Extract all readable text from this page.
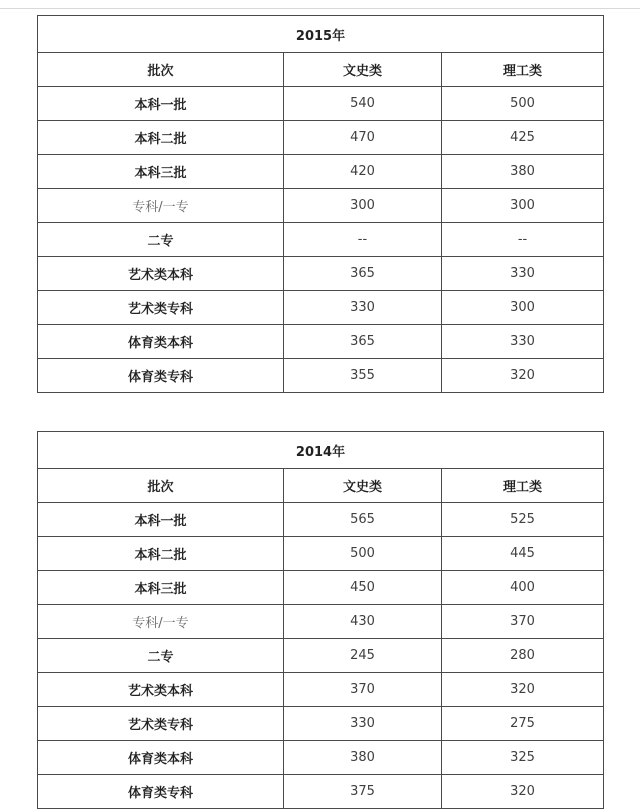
2015年		
批次	文史类	理工类
本科一批	540	500
本科二批	470	425
本科三批	420	380
专科/一专	300	300
二专	--	--
艺术类本科	365	330
艺术类专科	330	300
体育类本科	365	330
体育类专科	355	320
2014年		
批次	文史类	理工类
本科一批	565	525
本科二批	500	445
本科三批	450	400
专科/一专	430	370
二专	245	280
艺术类本科	370	320
艺术类专科	330	275
体育类本科	380	325
体育类专科	375	320
